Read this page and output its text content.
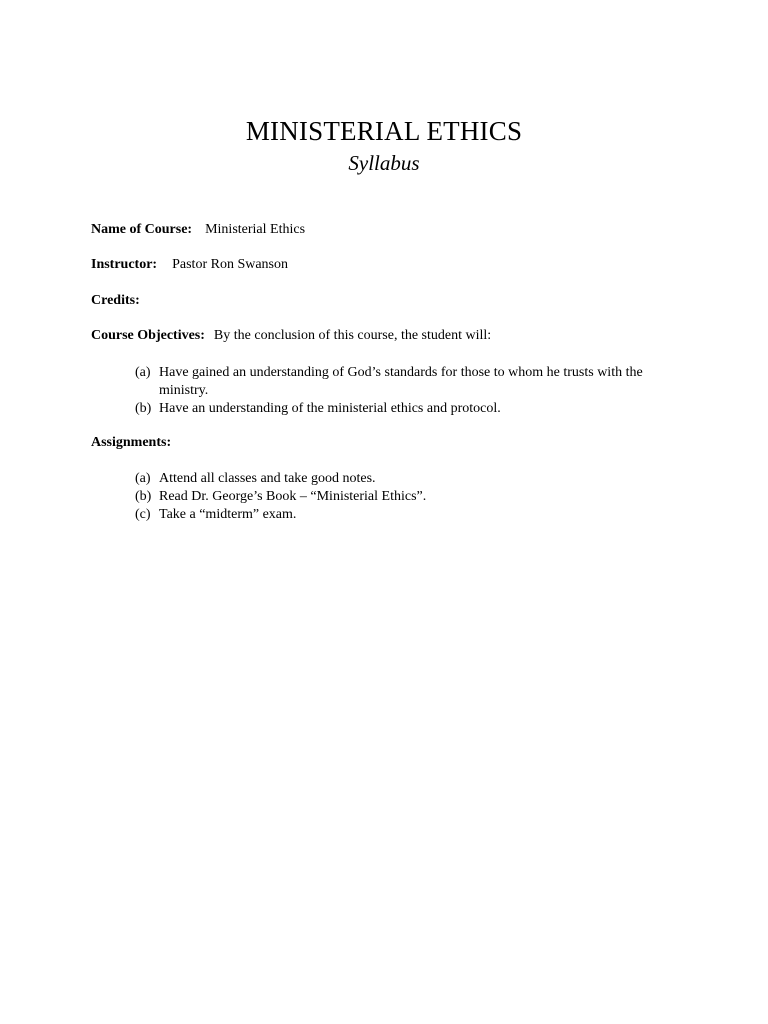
MINISTERIAL ETHICS
Syllabus
Name of Course: Ministerial Ethics
Instructor: Pastor Ron Swanson
Credits:
Course Objectives: By the conclusion of this course, the student will:
(a) Have gained an understanding of God’s standards for those to whom he trusts with the ministry.
(b) Have an understanding of the ministerial ethics and protocol.
Assignments:
(a) Attend all classes and take good notes.
(b) Read Dr. George’s Book – “Ministerial Ethics”.
(c) Take a “midterm” exam.
